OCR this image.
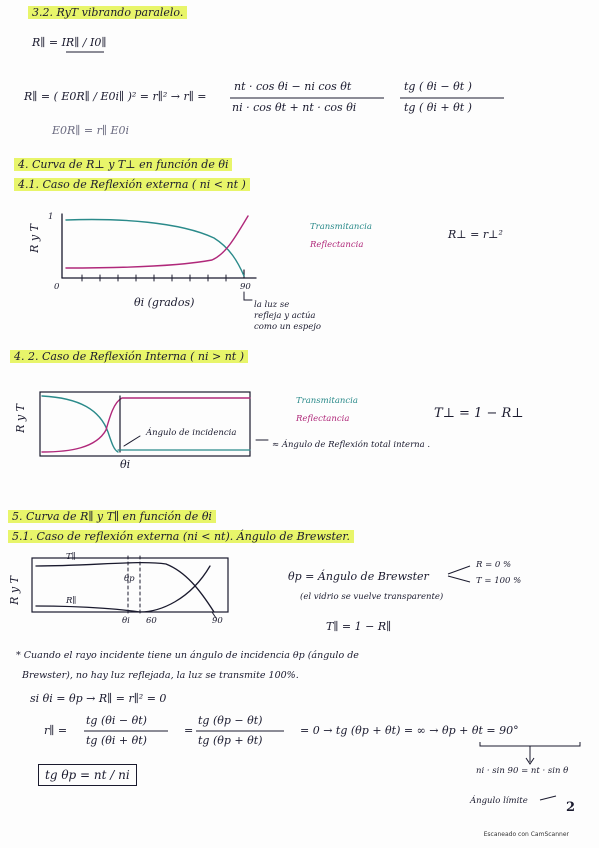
3.2. RyT vibrando paralelo.
R∥ = IR∥ / I0∥
R∥ = ( E0R∥ / E0i∥ )² = r∥² → r∥ =
nt · cos θi − ni cos θt
ni · cos θt + nt · cos θi
tg ( θi − θt )
tg ( θi + θt )
E0R∥ = r∥ E0i
4. Curva de R⊥ y T⊥ en función de θi
4.1. Caso de Reflexión externa ( ni < nt )
R y T
1
0	90
θi (grados)
Transmitancia
Reflectancia
R⊥ = r⊥²
la luz se
refleja y actúa
como un espejo
4. 2. Caso de Reflexión Interna ( ni > nt )
R y T
Transmitancia
Reflectancia	T⊥ = 1 − R⊥
Ángulo de incidencia
≈ Ángulo de Reflexión total interna .
θi
5. Curva de R∥ y T∥ en función de θi
5.1. Caso de reflexión externa (ni < nt). Ángulo de Brewster.
R y T
T∥
R∥
θp
θi 60	90
θp = Ángulo de Brewster
R = 0 %
T = 100 %
(el vidrio se vuelve transparente)
T∥ = 1 − R∥
* Cuando el rayo incidente tiene un ángulo de incidencia θp (ángulo de
Brewster), no hay luz reflejada, la luz se transmite 100%.
si θi = θp → R∥ = r∥² = 0
r∥ =
tg (θi − θt)
tg (θi + θt)
=
tg (θp − θt)
tg (θp + θt)
= 0 → tg (θp + θt) = ∞ → θp + θt = 90°
tg θp = nt / ni	ni · sin 90 = nt · sin θ
Ángulo límite	2
Escaneado con CamScanner
